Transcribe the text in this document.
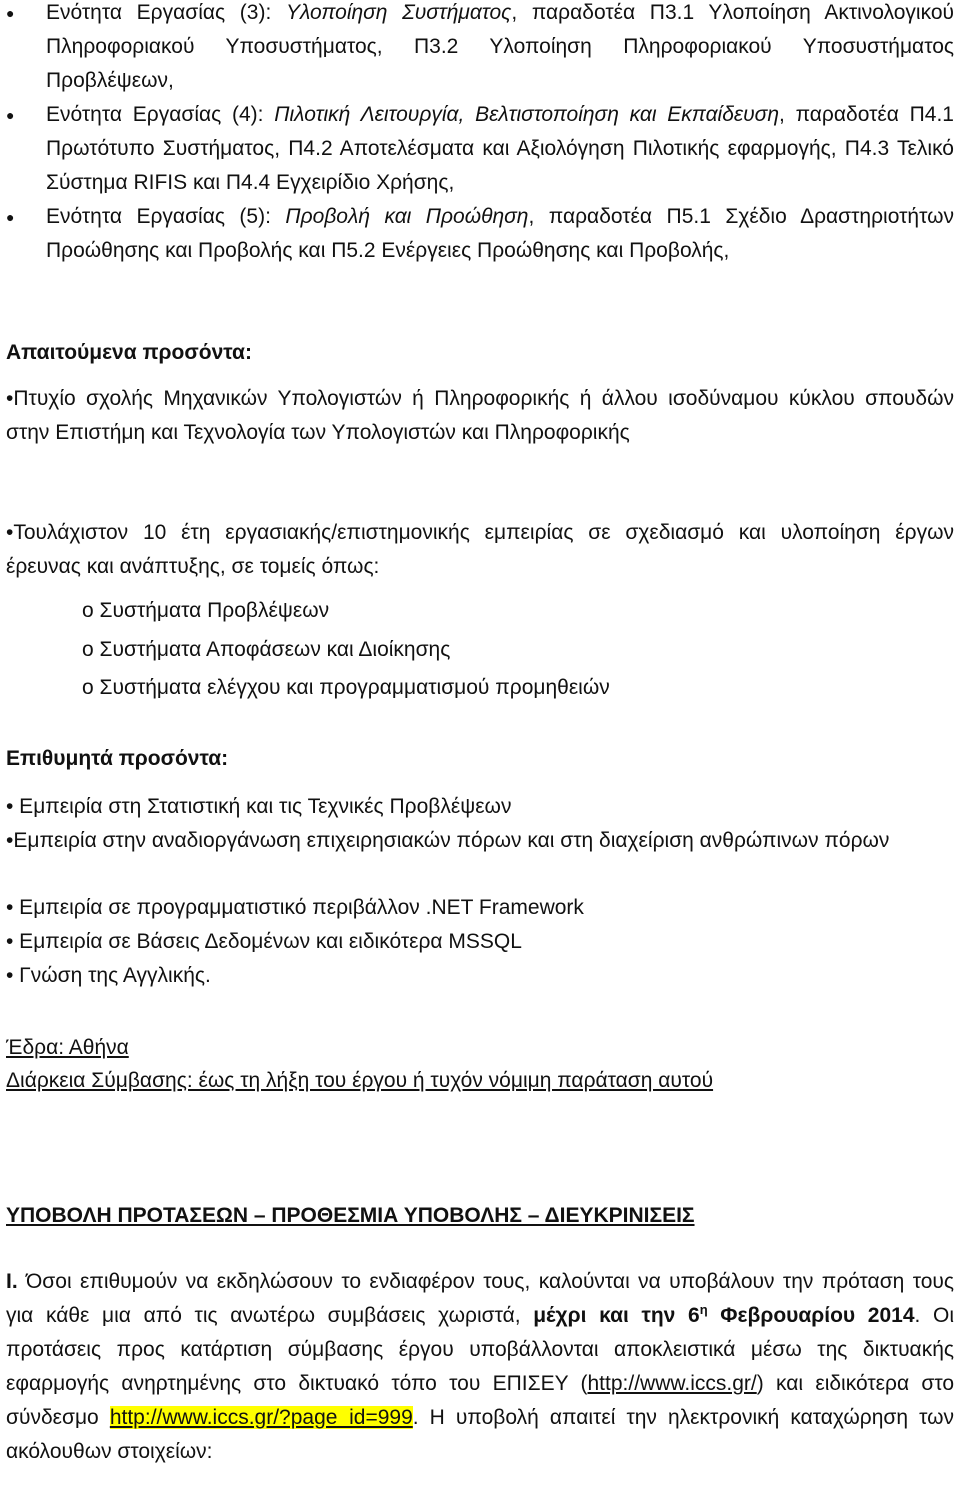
● Ενότητα Εργασίας (3): Υλοποίηση Συστήματος, παραδοτέα Π3.1 Υλοποίηση Ακτινολογικού Πληροφοριακού Υποσυστήματος, Π3.2 Υλοποίηση Πληροφοριακού Υποσυστήματος Προβλέψεων,
● Ενότητα Εργασίας (4): Πιλοτική Λειτουργία, Βελτιστοποίηση και Εκπαίδευση, παραδοτέα Π4.1 Πρωτότυπο Συστήματος, Π4.2 Αποτελέσματα και Αξιολόγηση Πιλοτικής εφαρμογής, Π4.3 Τελικό Σύστημα RIFIS και Π4.4 Εγχειρίδιο Χρήσης,
● Ενότητα Εργασίας (5): Προβολή και Προώθηση, παραδοτέα Π5.1 Σχέδιο Δραστηριοτήτων Προώθησης και Προβολής και Π5.2 Ενέργειες Προώθησης και Προβολής,
Απαιτούμενα προσόντα:
•Πτυχίο σχολής Μηχανικών Υπολογιστών ή Πληροφορικής ή άλλου ισοδύναμου κύκλου σπουδών στην Επιστήμη και Τεχνολογία των Υπολογιστών και Πληροφορικής
•Τουλάχιστον 10 έτη εργασιακής/επιστημονικής εμπειρίας σε σχεδιασμό και υλοποίηση έργων έρευνας και ανάπτυξης, σε τομείς όπως:
ο Συστήματα Προβλέψεων
ο Συστήματα Αποφάσεων και Διοίκησης
ο Συστήματα ελέγχου και προγραμματισμού προμηθειών
Επιθυμητά προσόντα:
• Εμπειρία στη Στατιστική και τις Τεχνικές Προβλέψεων
•Εμπειρία στην αναδιοργάνωση επιχειρησιακών πόρων και στη διαχείριση ανθρώπινων πόρων
• Εμπειρία σε προγραμματιστικό περιβάλλον .NET Framework
• Εμπειρία σε Βάσεις Δεδομένων και ειδικότερα MSSQL
• Γνώση της Αγγλικής.
Έδρα: Αθήνα
Διάρκεια Σύμβασης: έως τη λήξη του έργου ή τυχόν νόμιμη παράταση αυτού
ΥΠΟΒΟΛΗ ΠΡΟΤΑΣΕΩΝ – ΠΡΟΘΕΣΜΙΑ ΥΠΟΒΟΛΗΣ – ΔΙΕΥΚΡΙΝΙΣΕΙΣ
Ι. Όσοι επιθυμούν να εκδηλώσουν το ενδιαφέρον τους, καλούνται να υποβάλουν την πρόταση τους για κάθε μια από τις ανωτέρω συμβάσεις χωριστά, μέχρι και την $6^\eta$ Φεβρουαρίου 2014. Οι προτάσεις προς κατάρτιση σύμβασης έργου υποβάλλονται αποκλειστικά μέσω της δικτυακής εφαρμογής ανηρτημένης στο δικτυακό τόπο του ΕΠΙΣΕΥ (http://www.iccs.gr/) και ειδικότερα στο σύνδεσμο http://www.iccs.gr/?page_id=999. Η υποβολή απαιτεί την ηλεκτρονική καταχώρηση των ακόλουθων στοιχείων:
